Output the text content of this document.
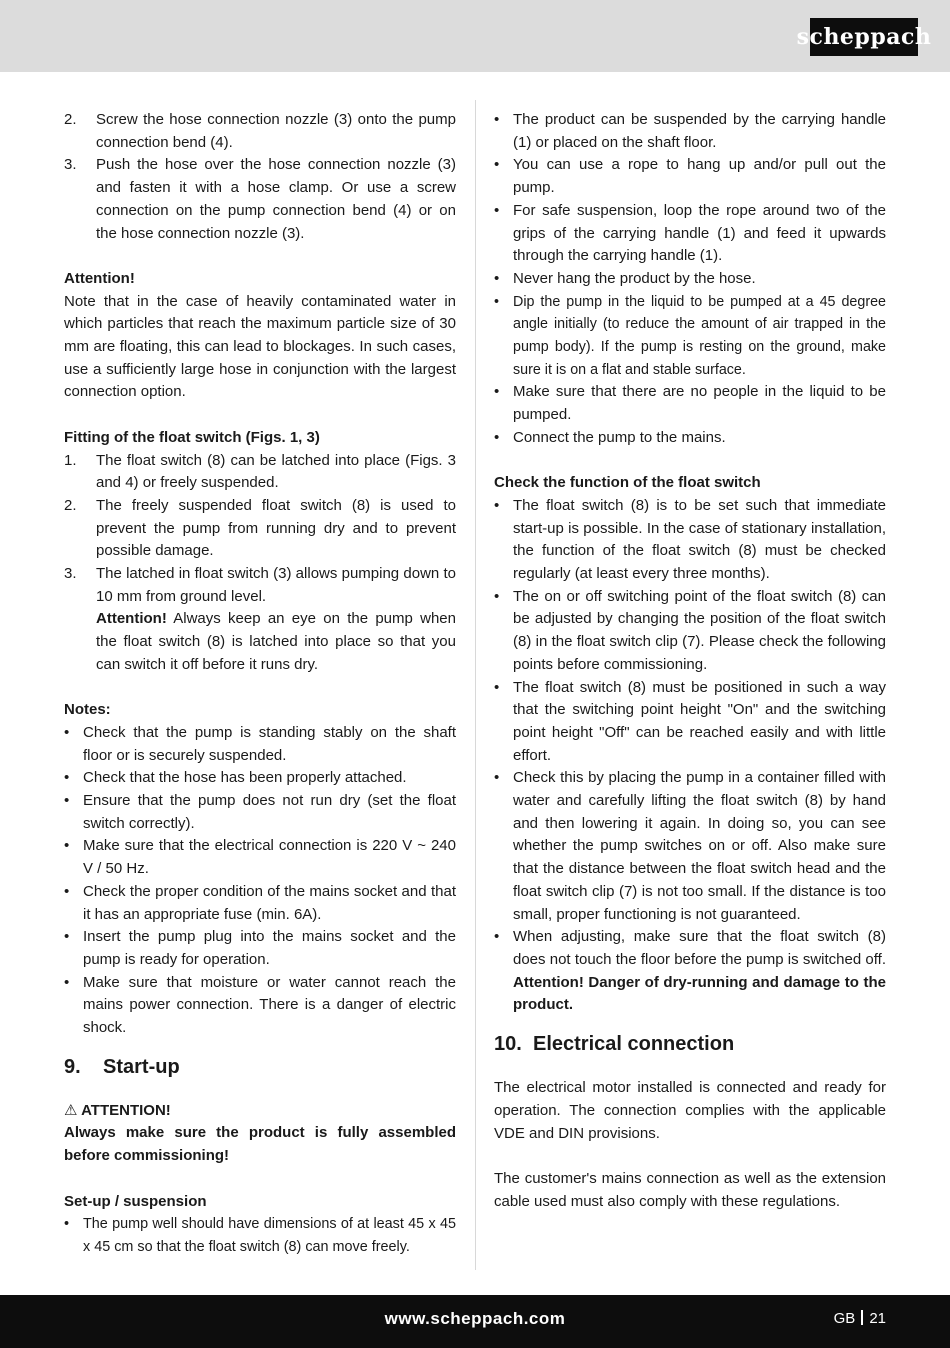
scheppach
2. Screw the hose connection nozzle (3) onto the pump connection bend (4).
3. Push the hose over the hose connection nozzle (3) and fasten it with a hose clamp. Or use a screw connection on the pump connection bend (4) or on the hose connection nozzle (3).

Attention!

Note that in the case of heavily contaminated water in which particles that reach the maximum particle size of 30 mm are floating, this can lead to blockages. In such cases, use a sufficiently large hose in conjunction with the largest connection option.

Fitting of the float switch (Figs. 1, 3)

1. The float switch (8) can be latched into place (Figs. 3 and 4) or freely suspended.
2. The freely suspended float switch (8) is used to prevent the pump from running dry and to prevent possible damage.
3. The latched in float switch (3) allows pumping down to 10 mm from ground level.
Attention! Always keep an eye on the pump when the float switch (8) is latched into place so that you can switch it off before it runs dry.

Notes:

• Check that the pump is standing stably on the shaft floor or is securely suspended.
• Check that the hose has been properly attached.
• Ensure that the pump does not run dry (set the float switch correctly).
• Make sure that the electrical connection is 220 V ~ 240 V / 50 Hz.
• Check the proper condition of the mains socket and that it has an appropriate fuse (min. 6A).
• Insert the pump plug into the mains socket and the pump is ready for operation.
• Make sure that moisture or water cannot reach the mains power connection. There is a danger of electric shock.
9.	Start-up

⚠ ATTENTION!

Always make sure the product is fully assembled before commissioning!

Set-up / suspension

• The pump well should have dimensions of at least 45 x 45 x 45 cm so that the float switch (8) can move freely.
• The product can be suspended by the carrying handle (1) or placed on the shaft floor.
• You can use a rope to hang up and/or pull out the pump.
• For safe suspension, loop the rope around two of the grips of the carrying handle (1) and feed it upwards through the carrying handle (1).
• Never hang the product by the hose.
• Dip the pump in the liquid to be pumped at a 45 degree angle initially (to reduce the amount of air trapped in the pump body). If the pump is resting on the ground, make sure it is on a flat and stable surface.
• Make sure that there are no people in the liquid to be pumped.
• Connect the pump to the mains.

Check the function of the float switch

• The float switch (8) is to be set such that immediate start-up is possible. In the case of stationary installation, the function of the float switch (8) must be checked regularly (at least every three months).
• The on or off switching point of the float switch (8) can be adjusted by changing the position of the float switch (8) in the float switch clip (7). Please check the following points before commissioning.
• The float switch (8) must be positioned in such a way that the switching point height "On" and the switching point height "Off" can be reached easily and with little effort.
• Check this by placing the pump in a container filled with water and carefully lifting the float switch (8) by hand and then lowering it again. In doing so, you can see whether the pump switches on or off. Also make sure that the distance between the float switch head and the float switch clip (7) is not too small. If the distance is too small, proper functioning is not guaranteed.
• When adjusting, make sure that the float switch (8) does not touch the floor before the pump is switched off. Attention! Danger of dry-running and damage to the product.
10. Electrical connection

The electrical motor installed is connected and ready for operation. The connection complies with the applicable VDE and DIN provisions.

The customer's mains connection as well as the extension cable used must also comply with these regulations.

www.scheppach.com	GB 21
